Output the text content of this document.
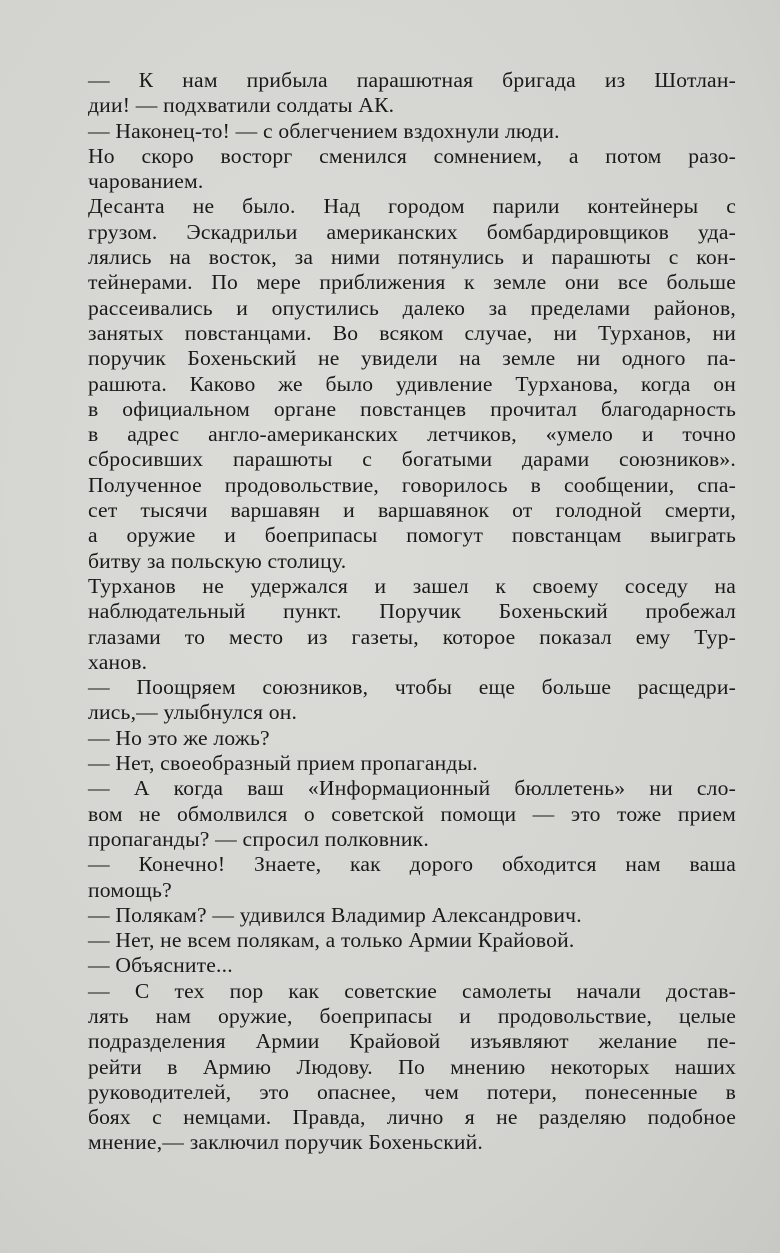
— К нам прибыла парашютная бригада из Шотлан-
дии! — подхватили солдаты АК.
— Наконец-то! — с облегчением вздохнули люди.
Но скоро восторг сменился сомнением, а потом разо-
чарованием.
Десанта не было. Над городом парили контейнеры с
грузом. Эскадрильи американских бомбардировщиков уда-
лялись на восток, за ними потянулись и парашюты с кон-
тейнерами. По мере приближения к земле они все больше
рассеивались и опустились далеко за пределами районов,
занятых повстанцами. Во всяком случае, ни Турханов, ни
поручик Бохеньский не увидели на земле ни одного па-
рашюта. Каково же было удивление Турханова, когда он
в официальном органе повстанцев прочитал благодарность
в адрес англо-американских летчиков, «умело и точно
сбросивших парашюты с богатыми дарами союзников».
Полученное продовольствие, говорилось в сообщении, спа-
сет тысячи варшавян и варшавянок от голодной смерти,
а оружие и боеприпасы помогут повстанцам выиграть
битву за польскую столицу.
Турханов не удержался и зашел к своему соседу на
наблюдательный пункт. Поручик Бохеньский пробежал
глазами то место из газеты, которое показал ему Тур-
ханов.
— Поощряем союзников, чтобы еще больше расщедри-
лись,— улыбнулся он.
— Но это же ложь?
— Нет, своеобразный прием пропаганды.
— А когда ваш «Информационный бюллетень» ни сло-
вом не обмолвился о советской помощи — это тоже прием
пропаганды? — спросил полковник.
— Конечно! Знаете, как дорого обходится нам ваша
помощь?
— Полякам? — удивился Владимир Александрович.
— Нет, не всем полякам, а только Армии Крайовой.
— Объясните...
— С тех пор как советские самолеты начали достав-
лять нам оружие, боеприпасы и продовольствие, целые
подразделения Армии Крайовой изъявляют желание пе-
рейти в Армию Людову. По мнению некоторых наших
руководителей, это опаснее, чем потери, понесенные в
боях с немцами. Правда, лично я не разделяю подобное
мнение,— заключил поручик Бохеньский.
